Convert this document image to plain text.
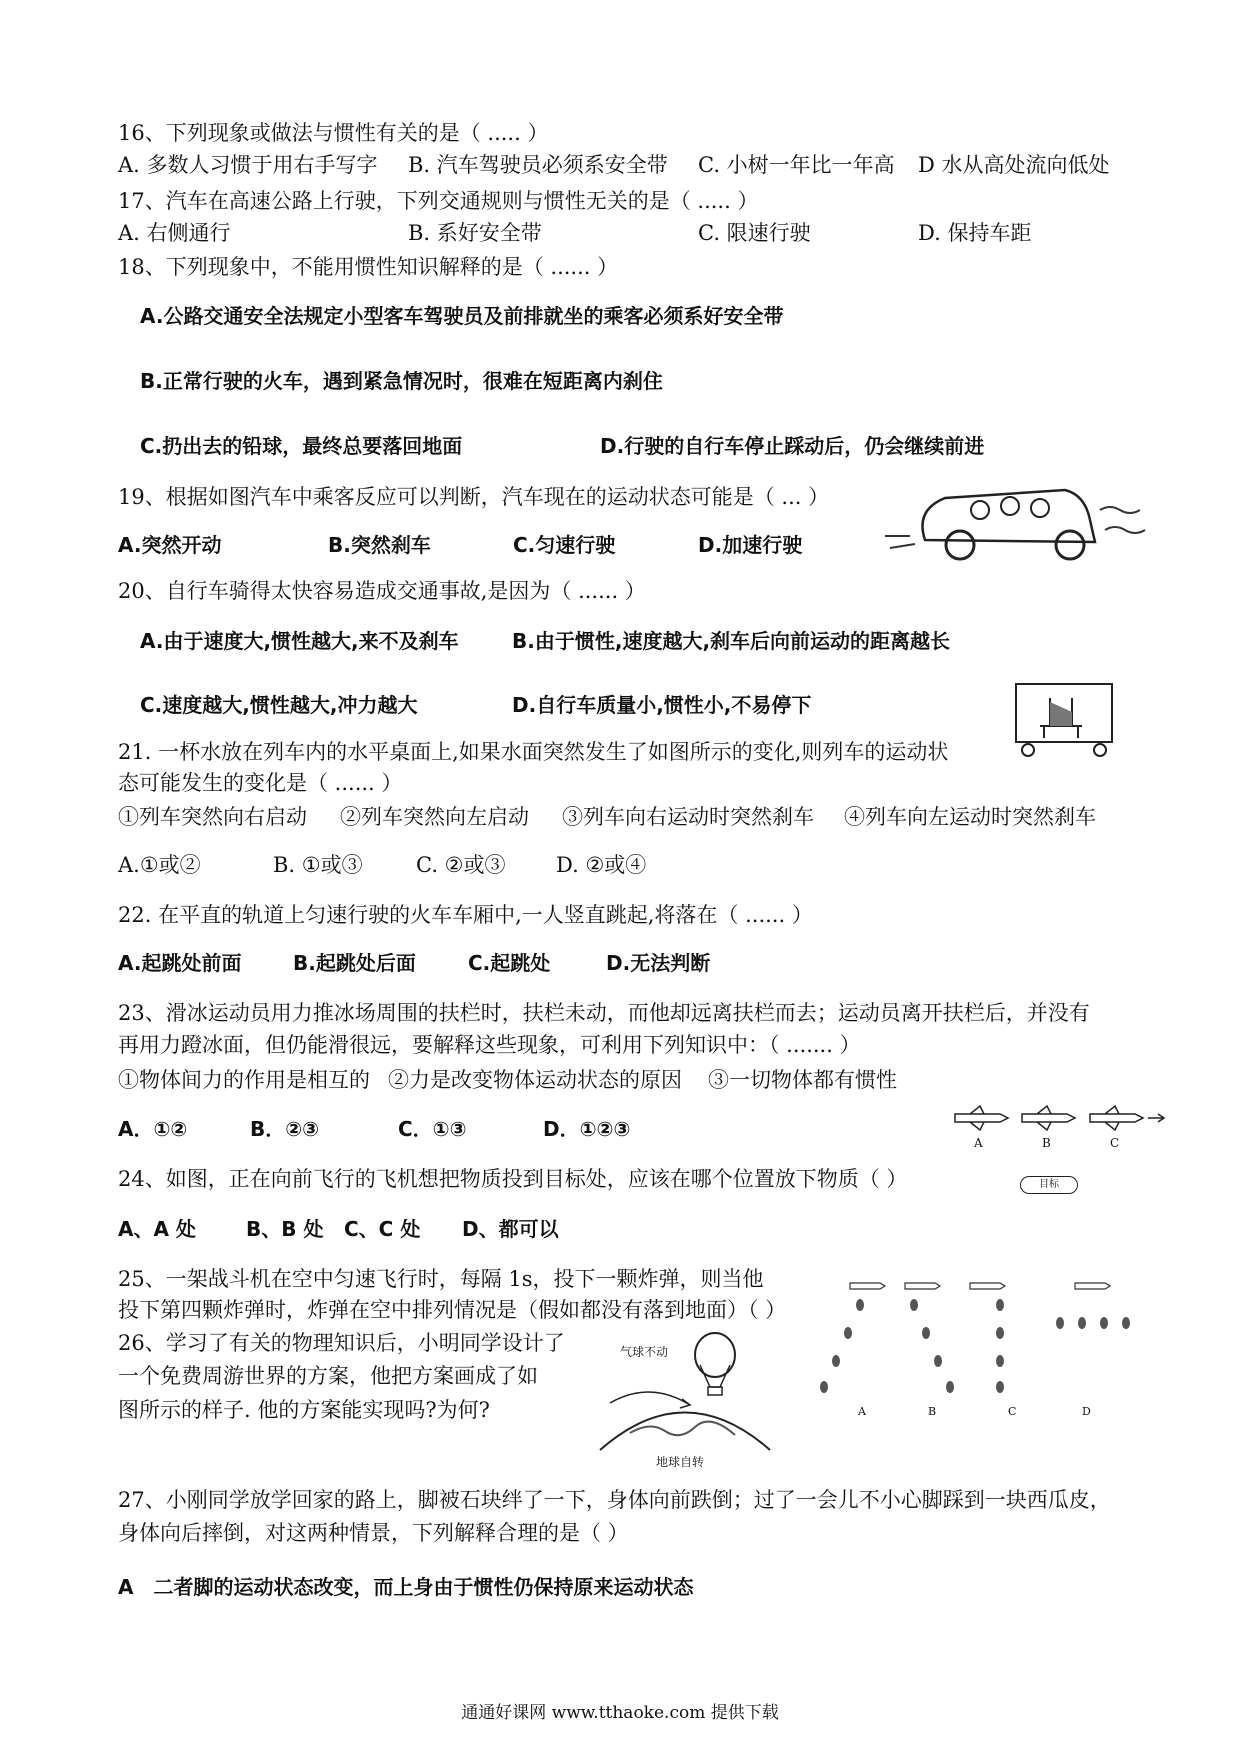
16、下列现象或做法与惯性有关的是（ ..... ）
A. 多数人习惯于用右手写字 B. 汽车驾驶员必须系安全带 C. 小树一年比一年高 D 水从高处流向低处
17、汽车在高速公路上行驶，下列交通规则与惯性无关的是（ ..... ）
A. 右侧通行	B. 系好安全带	C. 限速行驶	D. 保持车距
18、下列现象中，不能用惯性知识解释的是（ ...... ）
A.公路交通安全法规定小型客车驾驶员及前排就坐的乘客必须系好安全带
B.正常行驶的火车，遇到紧急情况时，很难在短距离内刹住
C.扔出去的铅球，最终总要落回地面	D.行驶的自行车停止踩动后，仍会继续前进
19、根据如图汽车中乘客反应可以判断，汽车现在的运动状态可能是（ ... ）
A.突然开动	B.突然刹车	C.匀速行驶	D.加速行驶
20、自行车骑得太快容易造成交通事故,是因为（ ...... ）
A.由于速度大,惯性越大,来不及刹车	B.由于惯性,速度越大,刹车后向前运动的距离越长
C.速度越大,惯性越大,冲力越大	D.自行车质量小,惯性小,不易停下
21. 一杯水放在列车内的水平桌面上,如果水面突然发生了如图所示的变化,则列车的运动状
态可能发生的变化是（ ...... ）
①列车突然向右启动 ②列车突然向左启动 ③列车向右运动时突然刹车 ④列车向左运动时突然刹车
A.①或②	B. ①或③	C. ②或③ D. ②或④
22. 在平直的轨道上匀速行驶的火车车厢中,一人竖直跳起,将落在（ ...... ）
A.起跳处前面	B.起跳处后面	C.起跳处	D.无法判断
23、滑冰运动员用力推冰场周围的扶栏时，扶栏未动，而他却远离扶栏而去；运动员离开扶栏后，并没有
再用力蹬冰面，但仍能滑很远，要解释这些现象，可利用下列知识中：（ ....... ）
①物体间力的作用是相互的 ②力是改变物体运动状态的原因 ③一切物体都有惯性
A．①②	B．②③	C．①③	D．①②③
A	B	C
目标
24、如图，正在向前飞行的飞机想把物质投到目标处，应该在哪个位置放下物质（ ）
A、A 处	B、B 处 C、C 处 D、都可以
25、一架战斗机在空中匀速飞行时，每隔 1s，投下一颗炸弹，则当他
投下第四颗炸弹时，炸弹在空中排列情况是（假如都没有落到地面）（ ）
A	B	C	D
26、学习了有关的物理知识后，小明同学设计了
一个免费周游世界的方案，他把方案画成了如
图所示的样子. 他的方案能实现吗?为何?
气球不动
地球自转
27、小刚同学放学回家的路上，脚被石块绊了一下，身体向前跌倒；过了一会儿不小心脚踩到一块西瓜皮，
身体向后摔倒，对这两种情景，下列解释合理的是（ ）
A　二者脚的运动状态改变，而上身由于惯性仍保持原来运动状态
通通好课网 www.tthaoke.com 提供下载
